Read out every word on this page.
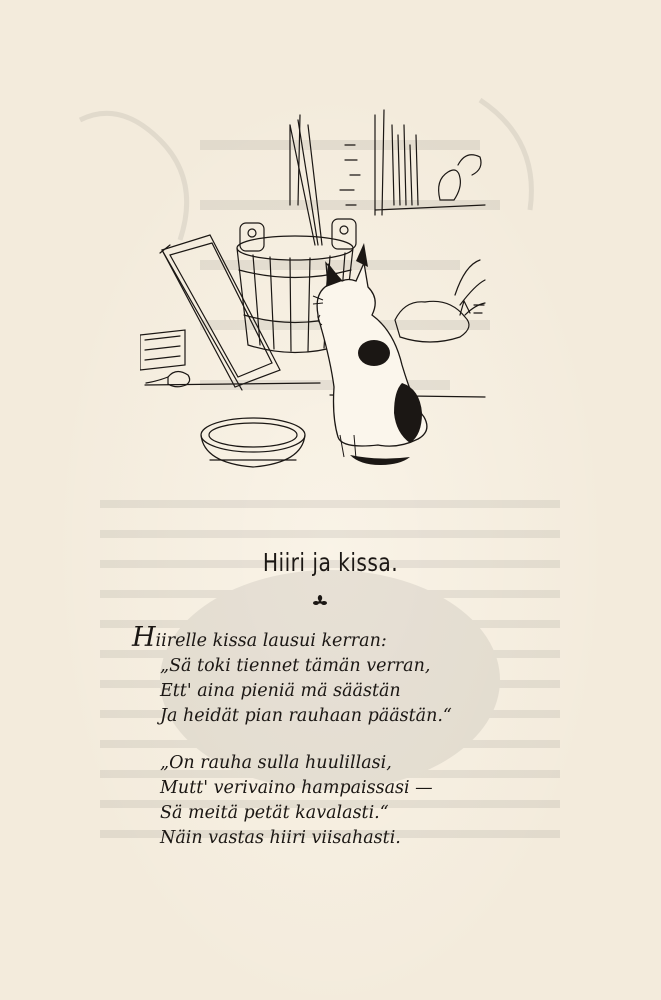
Hiiri ja kissa.
Hiirelle kissa lausui kerran:
„Sä toki tiennet tämän verran,
Ett' aina pieniä mä säästän
Ja heidät pian rauhaan päästän.“
„On rauha sulla huulillasi,
Mutt' verivaino hampaissasi —
Sä meitä petät kavalasti.“
Näin vastas hiiri viisahasti.
